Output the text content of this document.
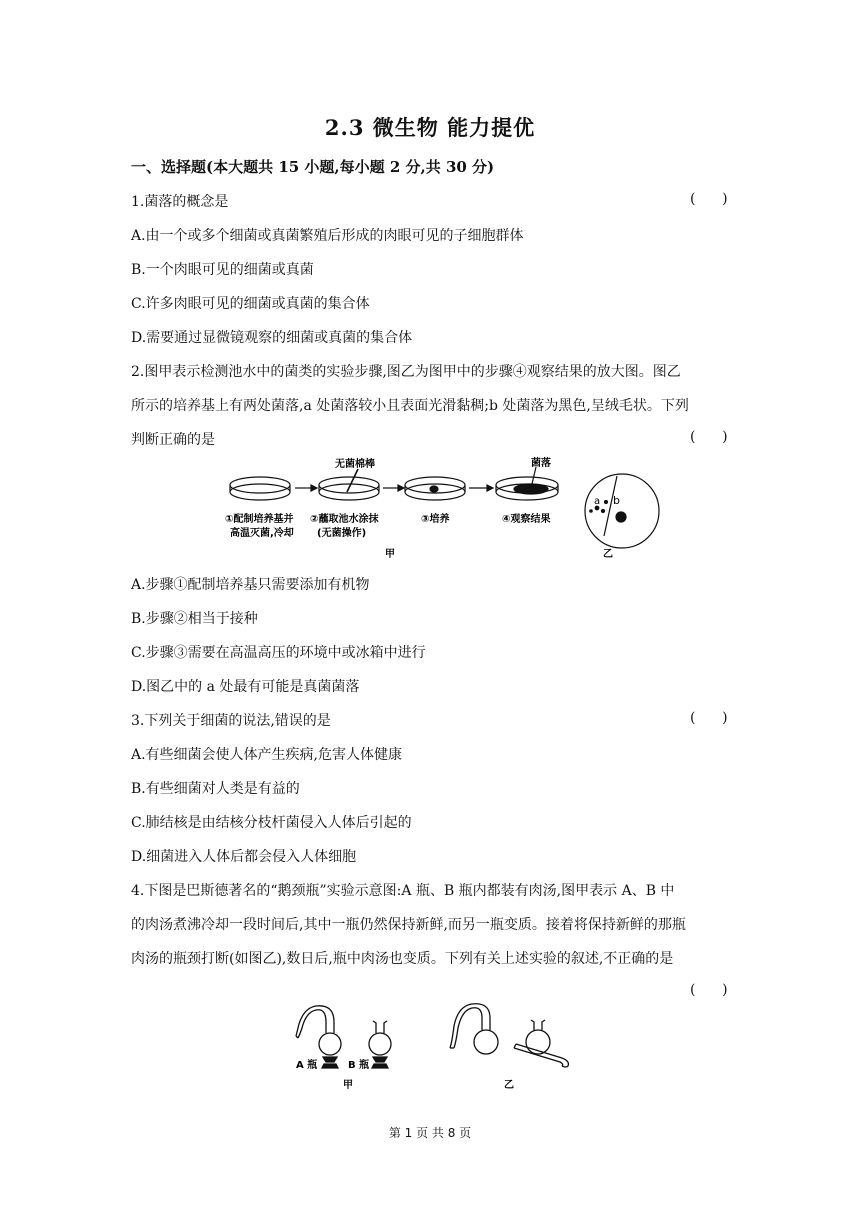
2.3 微生物 能力提优
一、选择题(本大题共 15 小题,每小题 2 分,共 30 分)
1.菌落的概念是	(      )
A.由一个或多个细菌或真菌繁殖后形成的肉眼可见的子细胞群体
B.一个肉眼可见的细菌或真菌
C.许多肉眼可见的细菌或真菌的集合体
D.需要通过显微镜观察的细菌或真菌的集合体
2.图甲表示检测池水中的菌类的实验步骤,图乙为图甲中的步骤④观察结果的放大图。图乙
所示的培养基上有两处菌落,a 处菌落较小且表面光滑黏稠;b 处菌落为黑色,呈绒毛状。下列
判断正确的是	(      )
无菌棉棒	菌落
①配制培养基并
高温灭菌,冷却
②蘸取池水涂抹
(无菌操作)
③培养	④观察结果
甲	乙
a b
A.步骤①配制培养基只需要添加有机物
B.步骤②相当于接种
C.步骤③需要在高温高压的环境中或冰箱中进行
D.图乙中的 a 处最有可能是真菌菌落
3.下列关于细菌的说法,错误的是	(      )
A.有些细菌会使人体产生疾病,危害人体健康
B.有些细菌对人类是有益的
C.肺结核是由结核分枝杆菌侵入人体后引起的
D.细菌进入人体后都会侵入人体细胞
4.下图是巴斯德著名的“鹅颈瓶”实验示意图:A 瓶、B 瓶内都装有肉汤,图甲表示 A、B 中
的肉汤煮沸冷却一段时间后,其中一瓶仍然保持新鲜,而另一瓶变质。接着将保持新鲜的那瓶
肉汤的瓶颈打断(如图乙),数日后,瓶中肉汤也变质。下列有关上述实验的叙述,不正确的是
(      )
A 瓶	B 瓶
甲	乙
第 1 页 共 8 页
